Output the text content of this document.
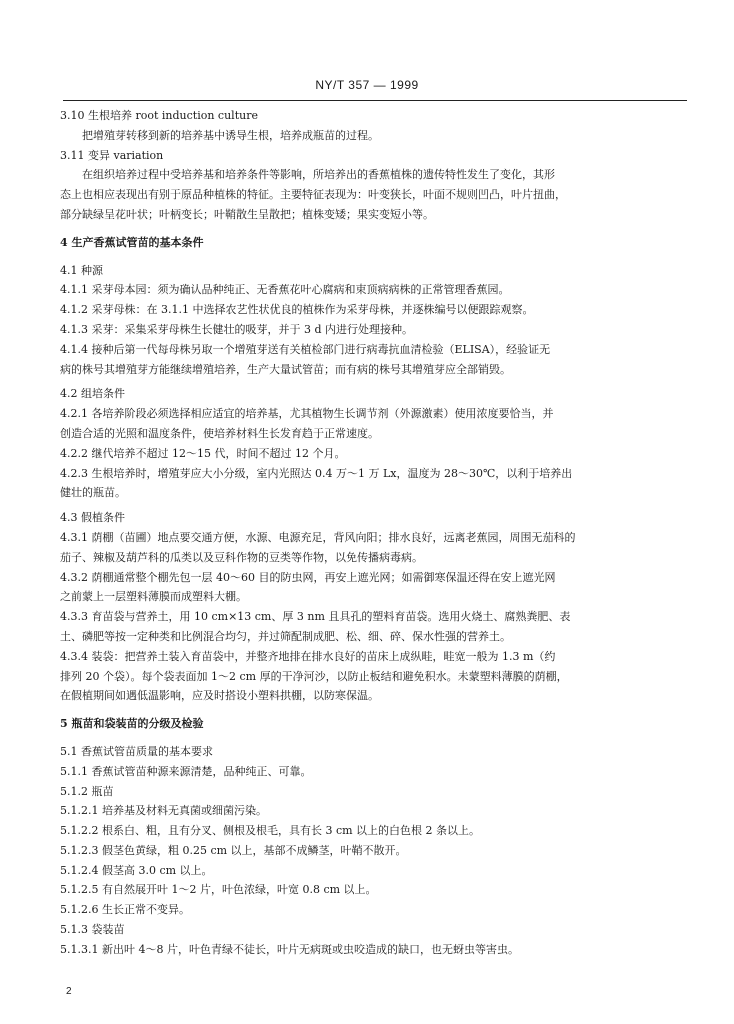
NY/T 357 — 1999
3.10 生根培养 root induction culture
把增殖芽转移到新的培养基中诱导生根，培养成瓶苗的过程。
3.11 变异 variation
在组织培养过程中受培养基和培养条件等影响，所培养出的香蕉植株的遗传特性发生了变化，其形
态上也相应表现出有别于原品种植株的特征。主要特征表现为：叶变狭长，叶面不规则凹凸，叶片扭曲，
部分缺绿呈花叶状；叶柄变长；叶鞘散生呈散把；植株变矮；果实变短小等。
4 生产香蕉试管苗的基本条件
4.1 种源
4.1.1 采芽母本园：须为确认品种纯正、无香蕉花叶心腐病和束顶病病株的正常管理香蕉园。
4.1.2 采芽母株：在 3.1.1 中选择农艺性状优良的植株作为采芽母株，并逐株编号以便跟踪观察。
4.1.3 采芽：采集采芽母株生长健壮的吸芽，并于 3 d 内进行处理接种。
4.1.4 接种后第一代每母株另取一个增殖芽送有关植检部门进行病毒抗血清检验（ELISA），经验证无
病的株号其增殖芽方能继续增殖培养，生产大量试管苗；而有病的株号其增殖芽应全部销毁。
4.2 组培条件
4.2.1 各培养阶段必须选择相应适宜的培养基，尤其植物生长调节剂（外源激素）使用浓度要恰当，并
创造合适的光照和温度条件，使培养材料生长发育趋于正常速度。
4.2.2 继代培养不超过 12～15 代，时间不超过 12 个月。
4.2.3 生根培养时，增殖芽应大小分级，室内光照达 0.4 万～1 万 Lx，温度为 28～30℃，以利于培养出
健壮的瓶苗。
4.3 假植条件
4.3.1 荫棚（苗圃）地点要交通方便，水源、电源充足，背风向阳；排水良好，远离老蕉园，周围无茄科的
茄子、辣椒及葫芦科的瓜类以及豆科作物的豆类等作物，以免传播病毒病。
4.3.2 荫棚通常整个棚先包一层 40～60 目的防虫网，再安上遮光网；如需御寒保温还得在安上遮光网
之前蒙上一层塑料薄膜而成塑料大棚。
4.3.3 育苗袋与营养土，用 10 cm×13 cm、厚 3 nm 且具孔的塑料育苗袋。选用火烧土、腐熟粪肥、表
土、磷肥等按一定种类和比例混合均匀，并过筛配制成肥、松、细、碎、保水性强的营养土。
4.3.4 装袋：把营养土装入育苗袋中，并整齐地排在排水良好的苗床上成纵畦，畦宽一般为 1.3 m（约
排列 20 个袋）。每个袋表面加 1～2 cm 厚的干净河沙，以防止板结和避免积水。未蒙塑料薄膜的荫棚，
在假植期间如遇低温影响，应及时搭设小塑料拱棚，以防寒保温。
5 瓶苗和袋装苗的分级及检验
5.1 香蕉试管苗质量的基本要求
5.1.1 香蕉试管苗种源来源清楚，品种纯正、可靠。
5.1.2 瓶苗
5.1.2.1 培养基及材料无真菌或细菌污染。
5.1.2.2 根系白、粗，且有分叉、侧根及根毛，具有长 3 cm 以上的白色根 2 条以上。
5.1.2.3 假茎色黄绿，粗 0.25 cm 以上，基部不成鳞茎，叶鞘不散开。
5.1.2.4 假茎高 3.0 cm 以上。
5.1.2.5 有自然展开叶 1～2 片，叶色浓绿，叶宽 0.8 cm 以上。
5.1.2.6 生长正常不变异。
5.1.3 袋装苗
5.1.3.1 新出叶 4～8 片，叶色青绿不徒长，叶片无病斑或虫咬造成的缺口，也无蚜虫等害虫。
2
